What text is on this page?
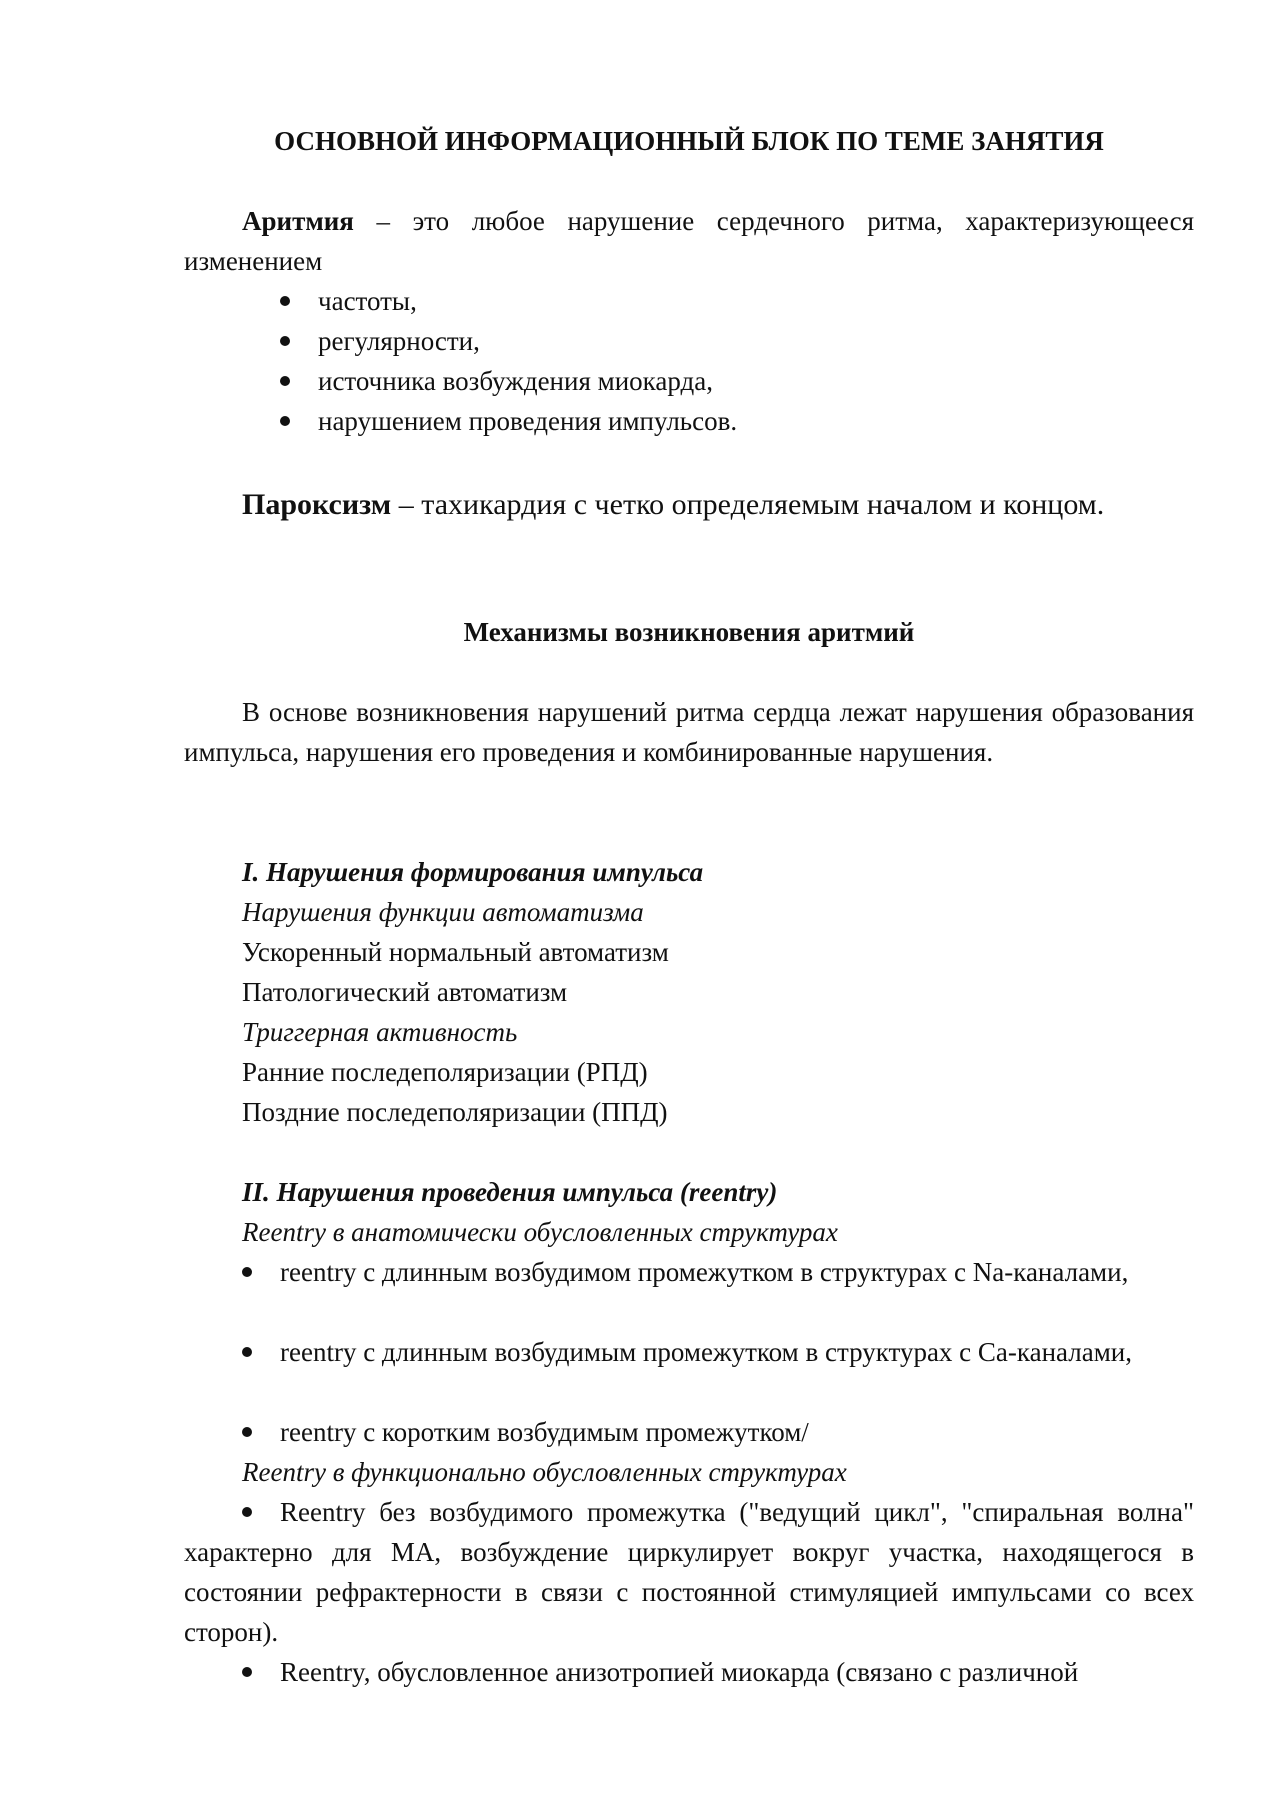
ОСНОВНОЙ ИНФОРМАЦИОННЫЙ БЛОК ПО ТЕМЕ ЗАНЯТИЯ
Аритмия – это любое нарушение сердечного ритма, характеризующееся изменением
частоты,
регулярности,
источника возбуждения миокарда,
нарушением проведения импульсов.
Пароксизм – тахикардия с четко определяемым началом и концом.
Механизмы возникновения аритмий
В основе возникновения нарушений ритма сердца лежат нарушения образования импульса, нарушения его проведения и комбинированные нарушения.
I. Нарушения формирования импульса
Нарушения функции автоматизма
Ускоренный нормальный автоматизм
Патологический автоматизм
Триггерная активность
Ранние последеполяризации (РПД)
Поздние последеполяризации (ППД)
II. Нарушения проведения импульса (reentry)
Reentry в анатомически обусловленных структурах
reentry с длинным возбудимом промежутком в структурах с Na-каналами,
reentry с длинным возбудимым промежутком в структурах с Ca-каналами,
reentry с коротким возбудимым промежутком/
Reentry в функционально обусловленных структурах
Reentry без возбудимого промежутка ("ведущий цикл", "спиральная волна" характерно для МА, возбуждение циркулирует вокруг участка, находящегося в состоянии рефрактерности в связи с постоянной стимуляцией импульсами со всех сторон).
Reentry, обусловленное анизотропией миокарда (связано с различной
